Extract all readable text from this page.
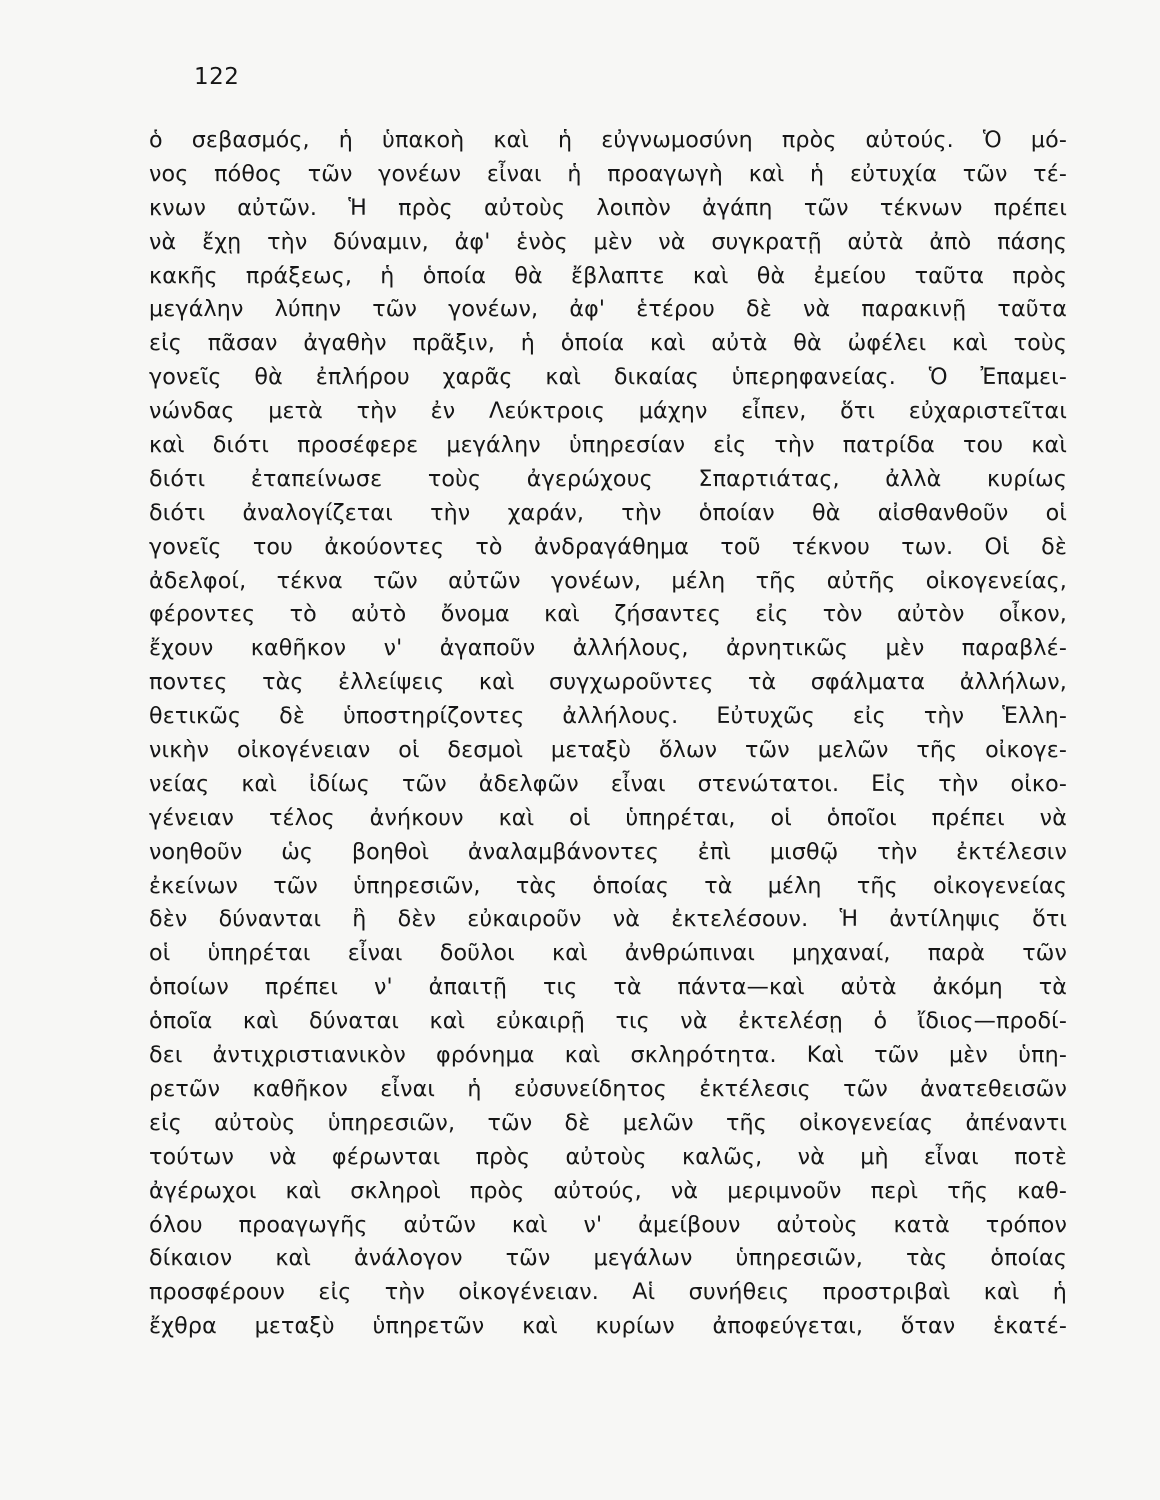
122
ὁ σεβασμός, ἡ ὑπακοὴ καὶ ἡ εὐγνωμοσύνη πρὸς αὐτούς. Ὁ μό-
νος πόθος τῶν γονέων εἶναι ἡ προαγωγὴ καὶ ἡ εὐτυχία τῶν τέ-
κνων αὐτῶν. Ἡ πρὸς αὐτοὺς λοιπὸν ἀγάπη τῶν τέκνων πρέπει
νὰ ἔχῃ τὴν δύναμιν, ἀφ' ἑνὸς μὲν νὰ συγκρατῇ αὐτὰ ἀπὸ πάσης
κακῆς πράξεως, ἡ ὁποία θὰ ἔβλαπτε καὶ θὰ ἐμείου ταῦτα πρὸς
μεγάλην λύπην τῶν γονέων, ἀφ' ἑτέρου δὲ νὰ παρακινῇ ταῦτα
εἰς πᾶσαν ἀγαθὴν πρᾶξιν, ἡ ὁποία καὶ αὐτὰ θὰ ὠφέλει καὶ τοὺς
γονεῖς θὰ ἐπλήρου χαρᾶς καὶ δικαίας ὑπερηφανείας. Ὁ Ἐπαμει-
νώνδας μετὰ τὴν ἐν Λεύκτροις μάχην εἶπεν, ὅτι εὐχαριστεῖται
καὶ διότι προσέφερε μεγάλην ὑπηρεσίαν εἰς τὴν πατρίδα του καὶ
διότι ἐταπείνωσε τοὺς ἀγερώχους Σπαρτιάτας, ἀλλὰ κυρίως
διότι ἀναλογίζεται τὴν χαράν, τὴν ὁποίαν θὰ αἰσθανθοῦν οἱ
γονεῖς του ἀκούοντες τὸ ἀνδραγάθημα τοῦ τέκνου των. Οἱ δὲ
ἀδελφοί, τέκνα τῶν αὐτῶν γονέων, μέλη τῆς αὐτῆς οἰκογενείας,
φέροντες τὸ αὐτὸ ὄνομα καὶ ζήσαντες εἰς τὸν αὐτὸν οἶκον,
ἔχουν καθῆκον ν' ἀγαποῦν ἀλλήλους, ἀρνητικῶς μὲν παραβλέ-
ποντες τὰς ἐλλείψεις καὶ συγχωροῦντες τὰ σφάλματα ἀλλήλων,
θετικῶς δὲ ὑποστηρίζοντες ἀλλήλους. Εὐτυχῶς εἰς τὴν Ἑλλη-
νικὴν οἰκογένειαν οἱ δεσμοὶ μεταξὺ ὅλων τῶν μελῶν τῆς οἰκογε-
νείας καὶ ἰδίως τῶν ἀδελφῶν εἶναι στενώτατοι. Εἰς τὴν οἰκο-
γένειαν τέλος ἀνήκουν καὶ οἱ ὑπηρέται, οἱ ὁποῖοι πρέπει νὰ
νοηθοῦν ὡς βοηθοὶ ἀναλαμβάνοντες ἐπὶ μισθῷ τὴν ἐκτέλεσιν
ἐκείνων τῶν ὑπηρεσιῶν, τὰς ὁποίας τὰ μέλη τῆς οἰκογενείας
δὲν δύνανται ἢ δὲν εὐκαιροῦν νὰ ἐκτελέσουν. Ἡ ἀντίληψις ὅτι
οἱ ὑπηρέται εἶναι δοῦλοι καὶ ἀνθρώπιναι μηχαναί, παρὰ τῶν
ὁποίων πρέπει ν' ἀπαιτῇ τις τὰ πάντα—καὶ αὐτὰ ἀκόμη τὰ
ὁποῖα καὶ δύναται καὶ εὐκαιρῇ τις νὰ ἐκτελέσῃ ὁ ἴδιος—προδί-
δει ἀντιχριστιανικὸν φρόνημα καὶ σκληρότητα. Καὶ τῶν μὲν ὑπη-
ρετῶν καθῆκον εἶναι ἡ εὐσυνείδητος ἐκτέλεσις τῶν ἀνατεθεισῶν
εἰς αὐτοὺς ὑπηρεσιῶν, τῶν δὲ μελῶν τῆς οἰκογενείας ἀπέναντι
τούτων νὰ φέρωνται πρὸς αὐτοὺς καλῶς, νὰ μὴ εἶναι ποτὲ
ἀγέρωχοι καὶ σκληροὶ πρὸς αὐτούς, νὰ μεριμνοῦν περὶ τῆς καθ-
όλου προαγωγῆς αὐτῶν καὶ ν' ἀμείβουν αὐτοὺς κατὰ τρόπον
δίκαιον καὶ ἀνάλογον τῶν μεγάλων ὑπηρεσιῶν, τὰς ὁποίας
προσφέρουν εἰς τὴν οἰκογένειαν. Αἱ συνήθεις προστριβαὶ καὶ ἡ
ἔχθρα μεταξὺ ὑπηρετῶν καὶ κυρίων ἀποφεύγεται, ὅταν ἑκατέ-
